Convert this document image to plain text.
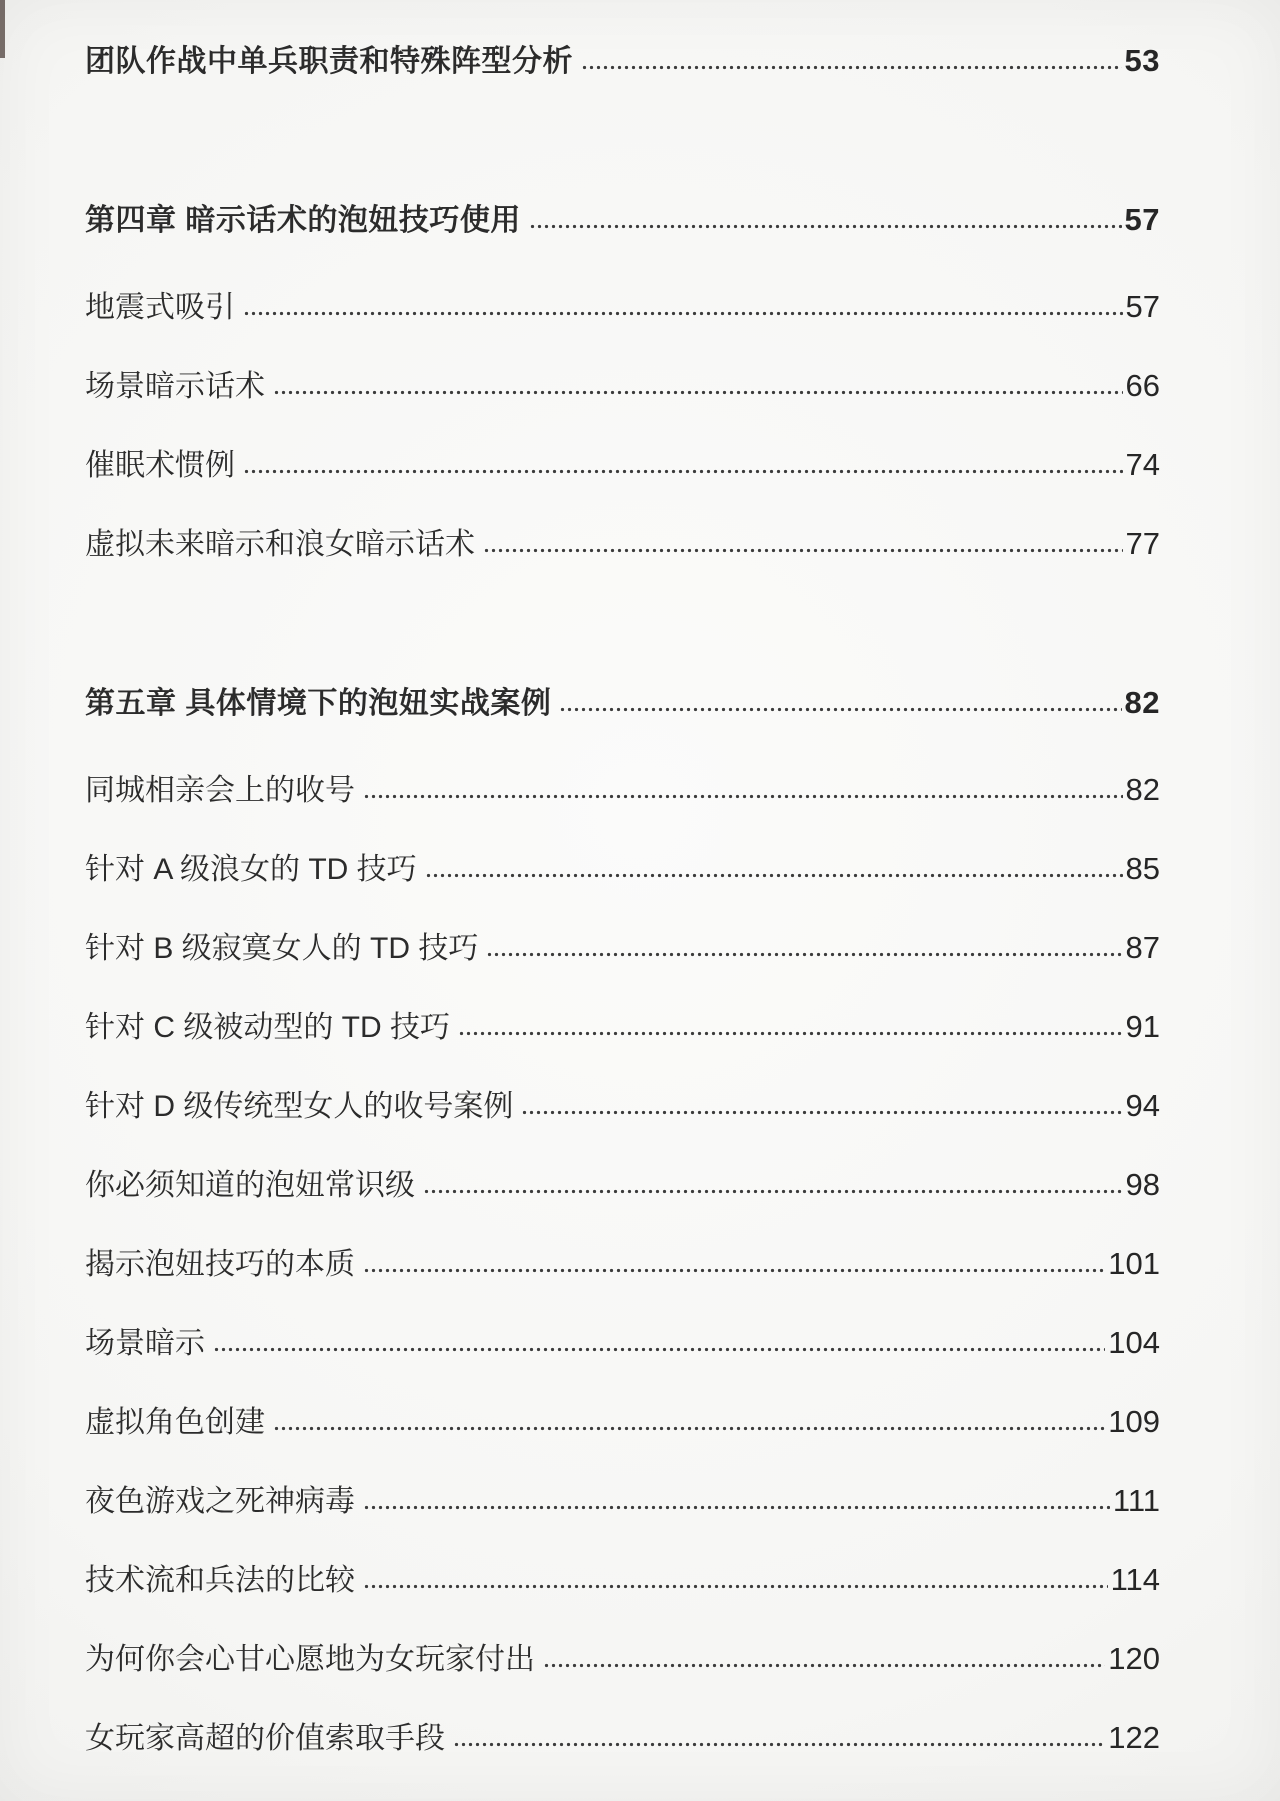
团队作战中单兵职责和特殊阵型分析	53
第四章 暗示话术的泡妞技巧使用	57
地震式吸引	57
场景暗示话术	66
催眠术惯例	74
虚拟未来暗示和浪女暗示话术	77
第五章 具体情境下的泡妞实战案例	82
同城相亲会上的收号	82
针对 A 级浪女的 TD 技巧	85
针对 B 级寂寞女人的 TD 技巧	87
针对 C 级被动型的 TD 技巧	91
针对 D 级传统型女人的收号案例	94
你必须知道的泡妞常识级	98
揭示泡妞技巧的本质	101
场景暗示	104
虚拟角色创建	109
夜色游戏之死神病毒	111
技术流和兵法的比较	114
为何你会心甘心愿地为女玩家付出	120
女玩家高超的价值索取手段	122
